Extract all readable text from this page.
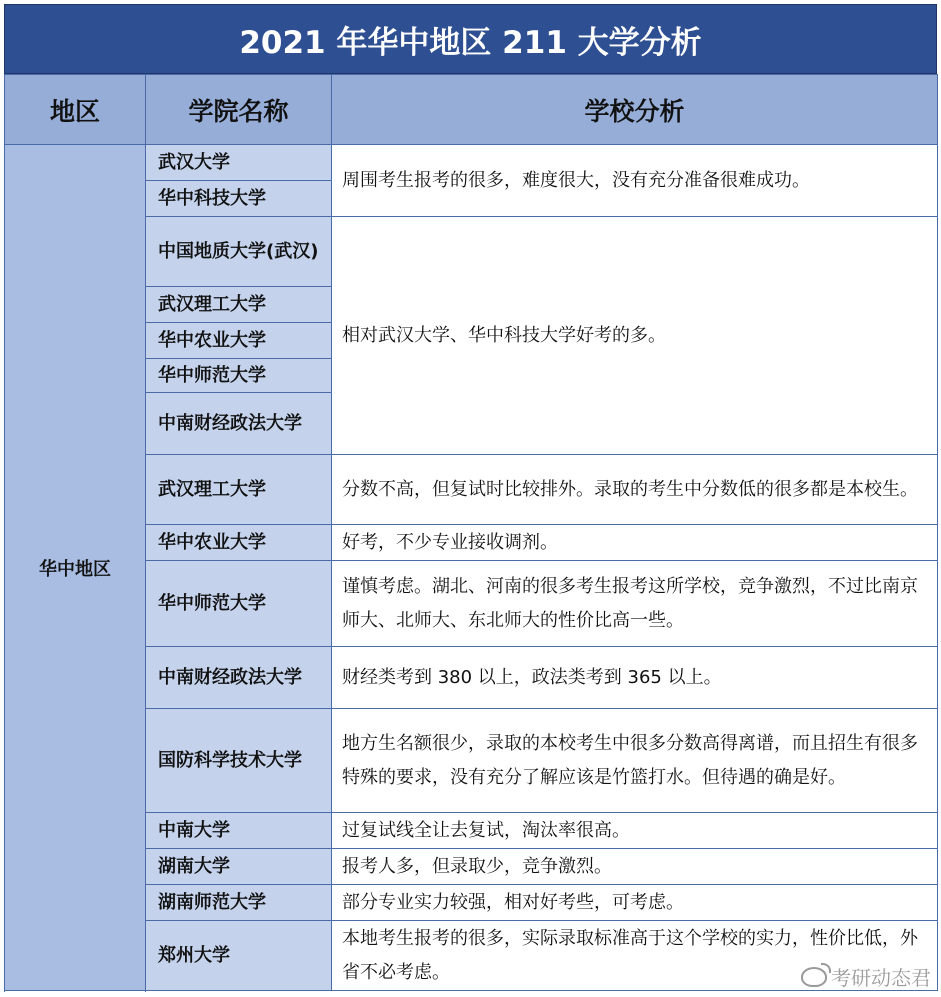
2021 年华中地区 211 大学分析
地区	学院名称	学校分析
华中地区	武汉大学	周围考生报考的很多，难度很大，没有充分准备很难成功。
	华中科技大学	
	中国地质大学(武汉)	相对武汉大学、华中科技大学好考的多。
	武汉理工大学	
	华中农业大学	
	华中师范大学	
	中南财经政法大学	
	武汉理工大学	分数不高，但复试时比较排外。录取的考生中分数低的很多都是本校生。
	华中农业大学	好考，不少专业接收调剂。
	华中师范大学	谨慎考虑。湖北、河南的很多考生报考这所学校，竞争激烈，不过比南京师大、北师大、东北师大的性价比高一些。
	中南财经政法大学	财经类考到 380 以上，政法类考到 365 以上。
	国防科学技术大学	地方生名额很少，录取的本校考生中很多分数高得离谱，而且招生有很多特殊的要求，没有充分了解应该是竹篮打水。但待遇的确是好。
	中南大学	过复试线全让去复试，淘汰率很高。
	湖南大学	报考人多，但录取少，竞争激烈。
	湖南师范大学	部分专业实力较强，相对好考些，可考虑。
	郑州大学	本地考生报考的很多，实际录取标准高于这个学校的实力，性价比低，外省不必考虑。	考研动态君
